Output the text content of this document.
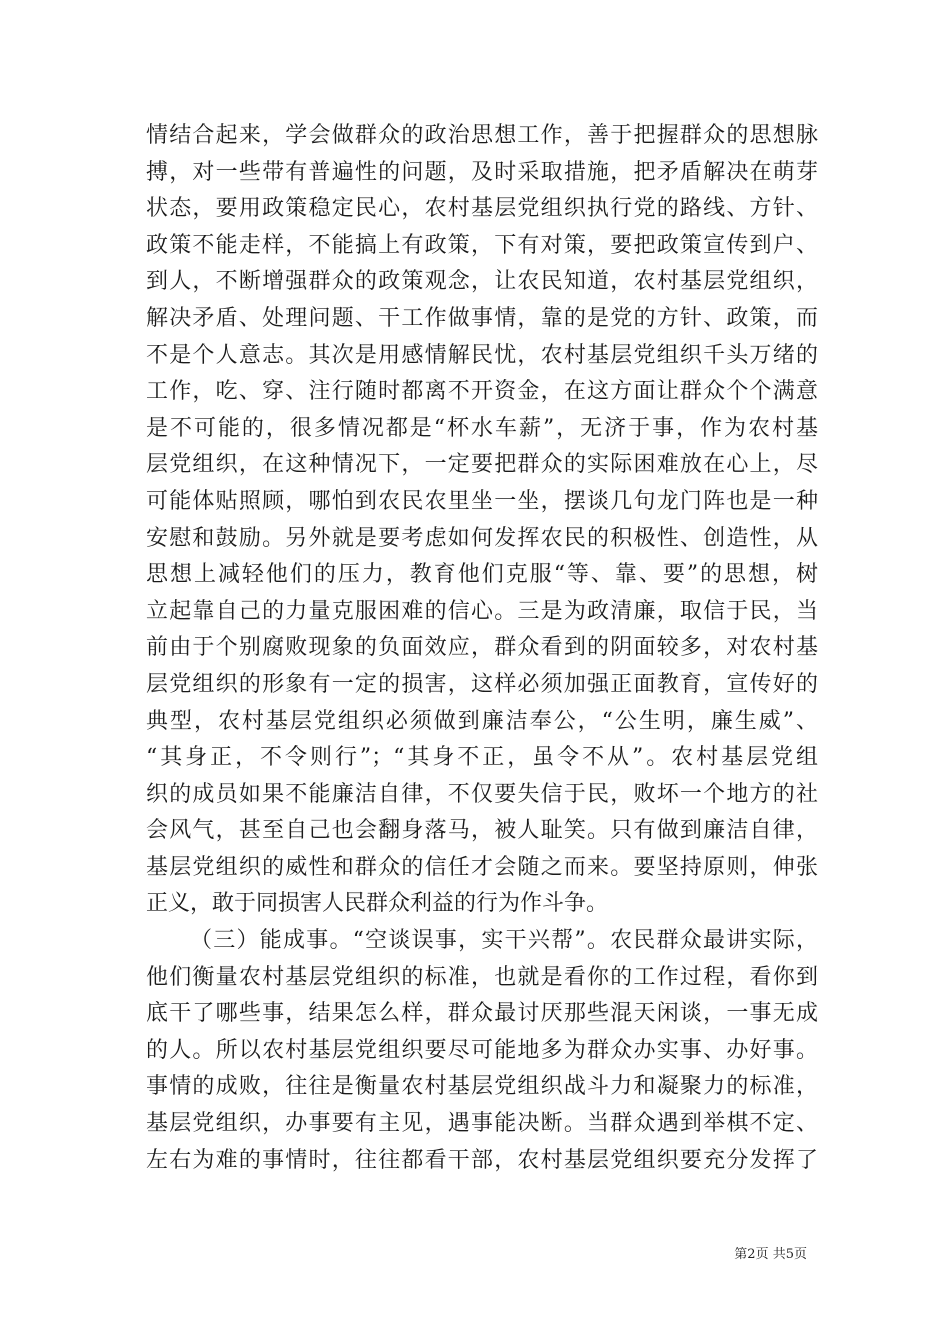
情结合起来，学会做群众的政治思想工作，善于把握群众的思想脉
搏，对一些带有普遍性的问题，及时采取措施，把矛盾解决在萌芽
状态，要用政策稳定民心，农村基层党组织执行党的路线、方针、
政策不能走样，不能搞上有政策，下有对策，要把政策宣传到户、
到人，不断增强群众的政策观念，让农民知道，农村基层党组织，
解决矛盾、处理问题、干工作做事情，靠的是党的方针、政策，而
不是个人意志。其次是用感情解民忧，农村基层党组织千头万绪的
工作，吃、穿、注行随时都离不开资金，在这方面让群众个个满意
是不可能的，很多情况都是“杯水车薪”，无济于事，作为农村基
层党组织，在这种情况下，一定要把群众的实际困难放在心上，尽
可能体贴照顾，哪怕到农民农里坐一坐，摆谈几句龙门阵也是一种
安慰和鼓励。另外就是要考虑如何发挥农民的积极性、创造性，从
思想上减轻他们的压力，教育他们克服“等、靠、要”的思想，树
立起靠自己的力量克服困难的信心。三是为政清廉，取信于民，当
前由于个别腐败现象的负面效应，群众看到的阴面较多，对农村基
层党组织的形象有一定的损害，这样必须加强正面教育，宣传好的
典型，农村基层党组织必须做到廉洁奉公，“公生明，廉生威”、
“其身正，不令则行”；“其身不正，虽令不从”。农村基层党组
织的成员如果不能廉洁自律，不仅要失信于民，败坏一个地方的社
会风气，甚至自己也会翻身落马，被人耻笑。只有做到廉洁自律，
基层党组织的威性和群众的信任才会随之而来。要坚持原则，伸张
正义，敢于同损害人民群众利益的行为作斗争。
（三）能成事。“空谈误事，实干兴帮”。农民群众最讲实际，
他们衡量农村基层党组织的标准，也就是看你的工作过程，看你到
底干了哪些事，结果怎么样，群众最讨厌那些混天闲谈，一事无成
的人。所以农村基层党组织要尽可能地多为群众办实事、办好事。
事情的成败，往往是衡量农村基层党组织战斗力和凝聚力的标准，
基层党组织，办事要有主见，遇事能决断。当群众遇到举棋不定、
左右为难的事情时，往往都看干部，农村基层党组织要充分发挥了
第2页 共5页
